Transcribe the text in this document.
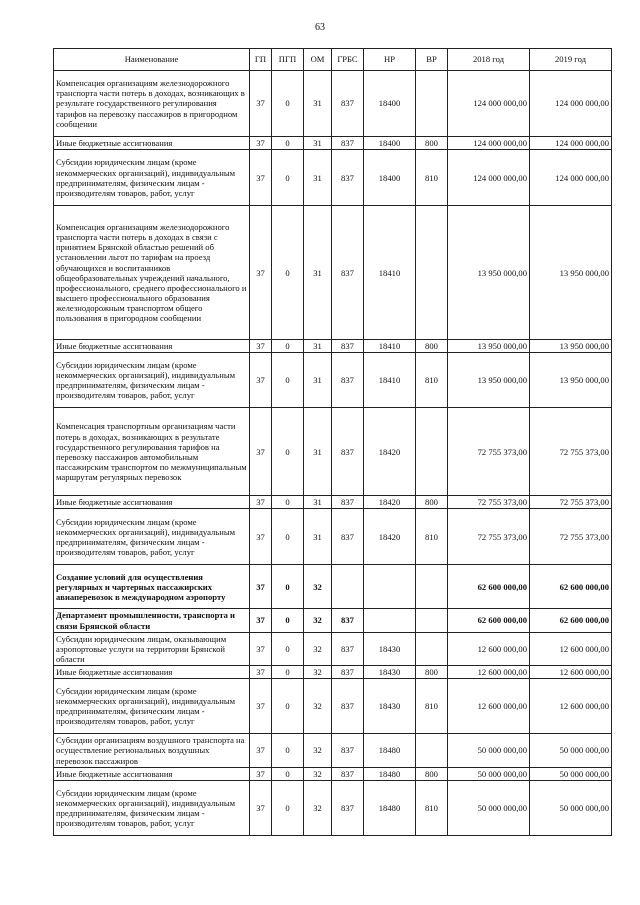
63
Наименование	ГП	ПГП	ОМ	ГРБС	НР	ВР	2018 год	2019 год
Компенсация организациям железнодорожного транспорта части потерь в доходах, возникающих в результате государственного регулирования тарифов на перевозку пассажиров в пригородном сообщении	37	0	31	837	18400		124 000 000,00	124 000 000,00
Иные бюджетные ассигнования	37	0	31	837	18400	800	124 000 000,00	124 000 000,00
Субсидии юридическим лицам (кроме некоммерческих организаций), индивидуальным предпринимателям, физическим лицам - производителям товаров, работ, услуг	37	0	31	837	18400	810	124 000 000,00	124 000 000,00
Компенсация организациям железнодорожного транспорта части потерь в доходах в связи с принятием Брянской областью решений об установлении льгот по тарифам на проезд обучающихся и воспитанников общеобразовательных учреждений начального, профессионального, среднего профессионального и высшего профессионального образования железнодорожным транспортом общего пользования в пригородном сообщении	37	0	31	837	18410		13 950 000,00	13 950 000,00
Иные бюджетные ассигнования	37	0	31	837	18410	800	13 950 000,00	13 950 000,00
Субсидии юридическим лицам (кроме некоммерческих организаций), индивидуальным предпринимателям, физическим лицам - производителям товаров, работ, услуг	37	0	31	837	18410	810	13 950 000,00	13 950 000,00
Компенсация транспортным организациям части потерь в доходах, возникающих в результате государственного регулирования тарифов на перевозку пассажиров автомобильным пассажирским транспортом по межмуниципальным маршрутам регулярных перевозок	37	0	31	837	18420		72 755 373,00	72 755 373,00
Иные бюджетные ассигнования	37	0	31	837	18420	800	72 755 373,00	72 755 373,00
Субсидии юридическим лицам (кроме некоммерческих организаций), индивидуальным предпринимателям, физическим лицам - производителям товаров, работ, услуг	37	0	31	837	18420	810	72 755 373,00	72 755 373,00
Создание условий для осуществления регулярных и чартерных пассажирских авиаперевозок в международном аэропорту	37	0	32				62 600 000,00	62 600 000,00
Департамент промышленности, транспорта и связи Брянской области	37	0	32	837			62 600 000,00	62 600 000,00
Субсидии юридическим лицам, оказывающим аэропортовые услуги на территории Брянской области	37	0	32	837	18430		12 600 000,00	12 600 000,00
Иные бюджетные ассигнования	37	0	32	837	18430	800	12 600 000,00	12 600 000,00
Субсидии юридическим лицам (кроме некоммерческих организаций), индивидуальным предпринимателям, физическим лицам - производителям товаров, работ, услуг	37	0	32	837	18430	810	12 600 000,00	12 600 000,00
Субсидии организациям воздушного транспорта на осуществление региональных воздушных перевозок пассажиров	37	0	32	837	18480		50 000 000,00	50 000 000,00
Иные бюджетные ассигнования	37	0	32	837	18480	800	50 000 000,00	50 000 000,00
Субсидии юридическим лицам (кроме некоммерческих организаций), индивидуальным предпринимателям, физическим лицам - производителям товаров, работ, услуг	37	0	32	837	18480	810	50 000 000,00	50 000 000,00
